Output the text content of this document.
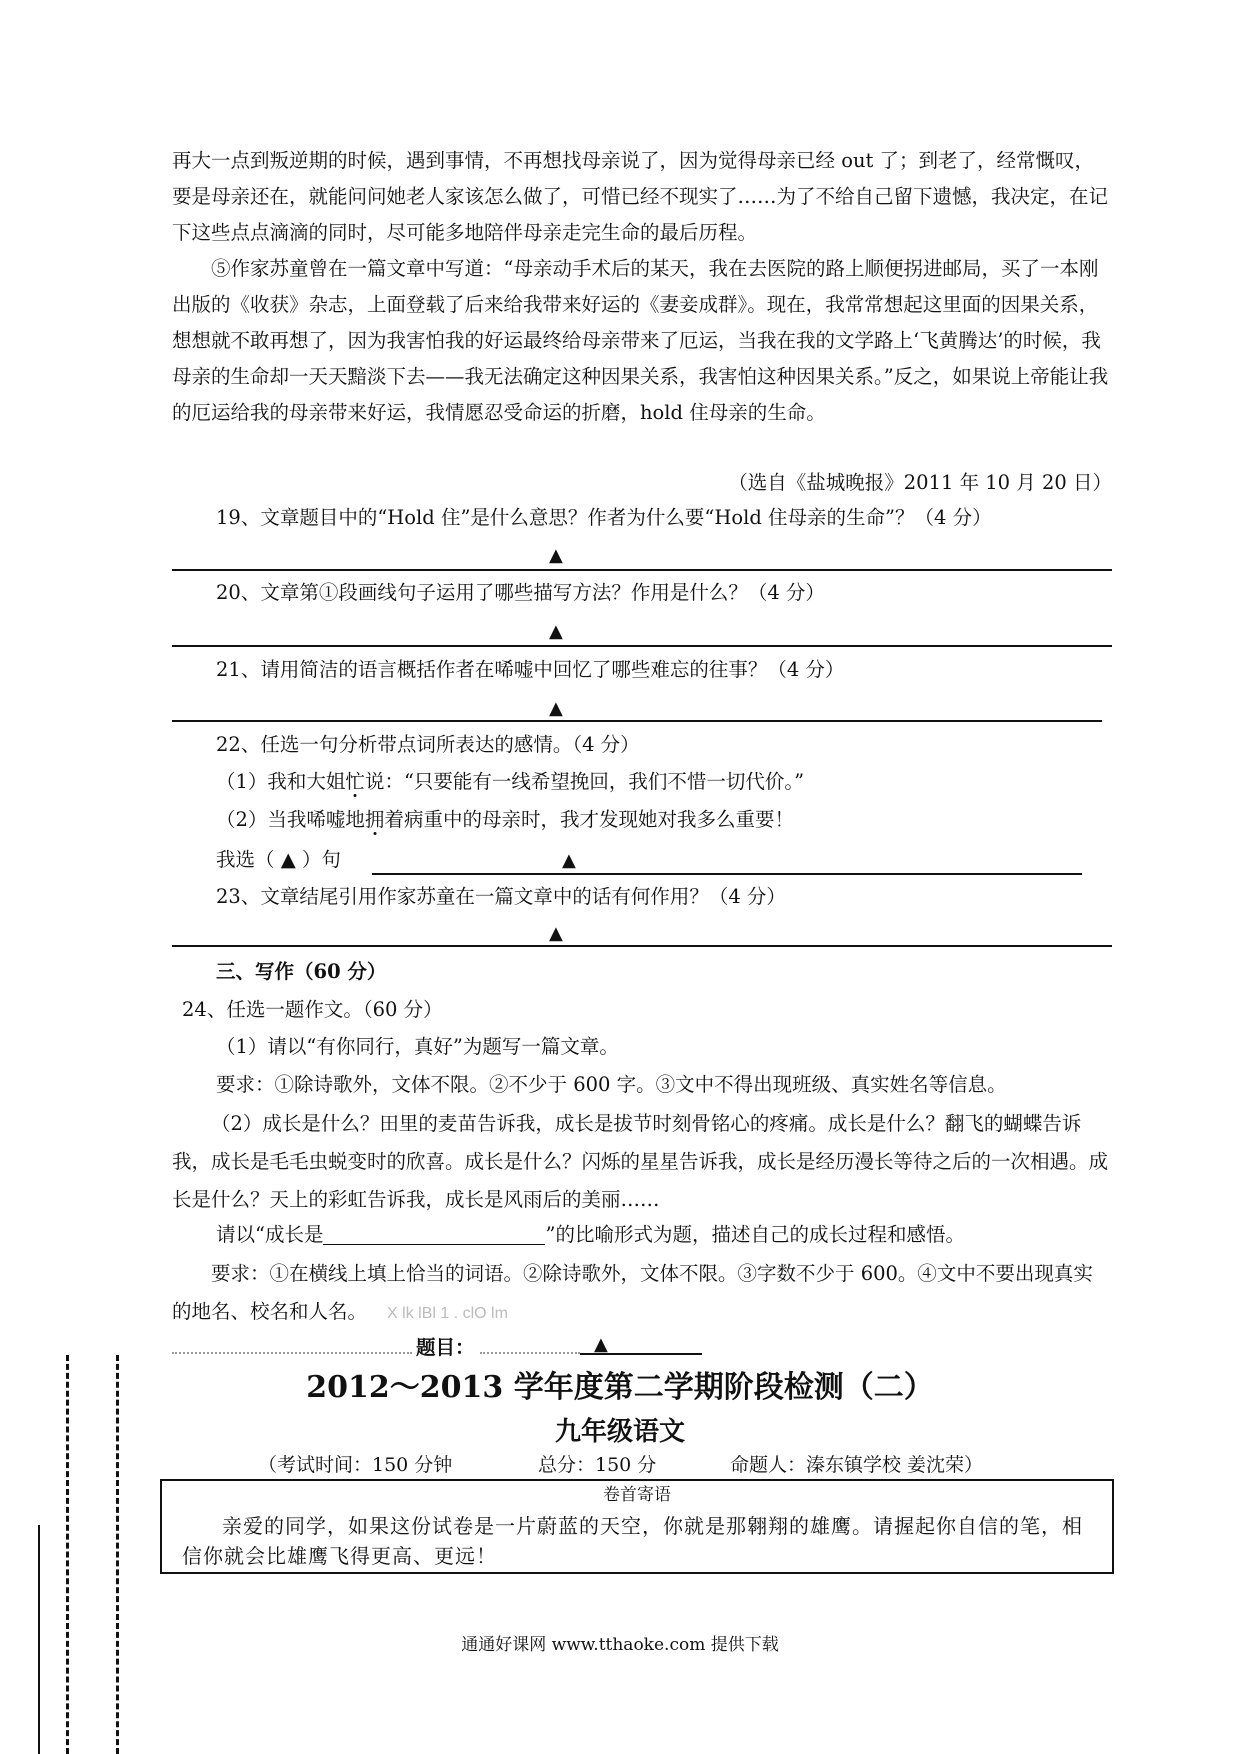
再大一点到叛逆期的时候，遇到事情，不再想找母亲说了，因为觉得母亲已经 out 了；到老了，经常慨叹，要是母亲还在，就能问问她老人家该怎么做了，可惜已经不现实了……为了不给自己留下遗憾，我决定，在记下这些点点滴滴的同时，尽可能多地陪伴母亲走完生命的最后历程。

⑤作家苏童曾在一篇文章中写道：“母亲动手术后的某天，我在去医院的路上顺便拐进邮局，买了一本刚出版的《收获》杂志，上面登载了后来给我带来好运的《妻妾成群》。现在，我常常想起这里面的因果关系，想想就不敢再想了，因为我害怕我的好运最终给母亲带来了厄运，当我在我的文学路上‘飞黄腾达’的时候，我母亲的生命却一天天黯淡下去——我无法确定这种因果关系，我害怕这种因果关系。”反之，如果说上帝能让我的厄运给我的母亲带来好运，我情愿忍受命运的折磨，hold 住母亲的生命。

（选自《盐城晚报》2011 年 10 月 20 日）
19、文章题目中的“Hold 住”是什么意思？作者为什么要“Hold 住母亲的生命”？（4 分）
▲
20、文章第①段画线句子运用了哪些描写方法？作用是什么？（4 分）
▲
21、请用简洁的语言概括作者在唏嘘中回忆了哪些难忘的往事？（4 分）
▲
22、任选一句分析带点词所表达的感情。（4 分）
（1）我和大姐忙说：“只要能有一线希望挽回，我们不惜一切代价。”
（2）当我唏嘘地拥着病重中的母亲时，我才发现她对我多么重要！
我选（ ▲ ）句	▲
23、文章结尾引用作家苏童在一篇文章中的话有何作用？（4 分）
▲
三、写作（60 分）
24、任选一题作文。（60 分）
（1）请以“有你同行，真好”为题写一篇文章。
要求：①除诗歌外，文体不限。②不少于 600 字。③文中不得出现班级、真实姓名等信息。

（2）成长是什么？田里的麦苗告诉我，成长是拔节时刻骨铭心的疼痛。成长是什么？翻飞的蝴蝶告诉我，成长是毛毛虫蜕变时的欣喜。成长是什么？闪烁的星星告诉我，成长是经历漫长等待之后的一次相遇。成长是什么？天上的彩虹告诉我，成长是风雨后的美丽……

请以“成长是	”的比喻形式为题，描述自己的成长过程和感悟。

要求：①在横线上填上恰当的词语。②除诗歌外，文体不限。③字数不少于 600。④文中不要出现真实的地名、校名和人名。 X lk lBl 1 . clO lm

题目：	▲
2012～2013 学年度第二学期阶段检测（二）
九年级语文
（考试时间：150 分钟	总分：150 分	命题人：溱东镇学校 姜沈荣）
卷首寄语
亲爱的同学，如果这份试卷是一片蔚蓝的天空，你就是那翱翔的雄鹰。请握起你自信的笔，相信你就会比雄鹰飞得更高、更远！
通通好课网 www.tthaoke.com 提供下载
